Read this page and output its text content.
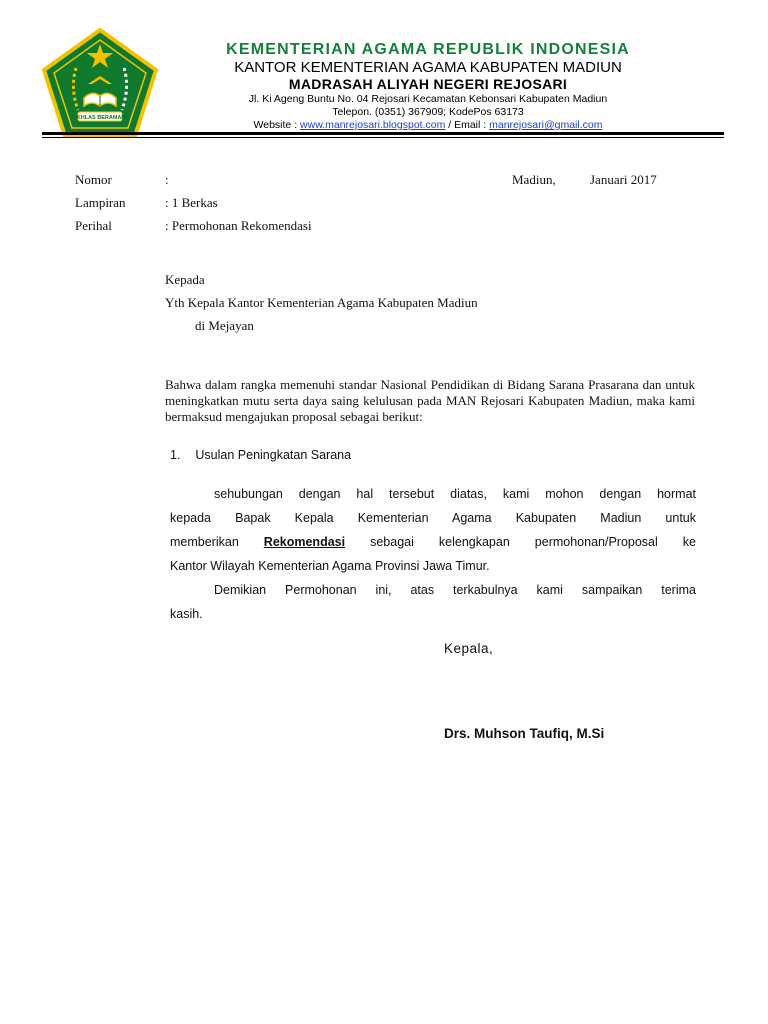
IKHLAS BERAMAL
KEMENTERIAN AGAMA REPUBLIK INDONESIA
KANTOR KEMENTERIAN AGAMA KABUPATEN MADIUN
MADRASAH ALIYAH NEGERI REJOSARI
Jl. Ki Ageng Buntu No. 04 Rejosari Kecamatan Kebonsari Kabupaten Madiun
Telepon. (0351) 367909; KodePos 63173
Website : www.manrejosari.blogspot.com / Email : manrejosari@gmail.com
Nomor	:	Madiun,	Januari 2017
Lampiran	: 1 Berkas
Perihal	: Permohonan Rekomendasi
Kepada
Yth Kepala Kantor Kementerian Agama Kabupaten Madiun
di Mejayan
Bahwa dalam rangka memenuhi standar Nasional Pendidikan di Bidang Sarana Prasarana dan untuk meningkatkan mutu serta daya saing kelulusan pada MAN Rejosari Kabupaten Madiun, maka kami bermaksud mengajukan proposal sebagai berikut:
1. Usulan Peningkatan Sarana
sehubungan dengan hal tersebut diatas, kami mohon dengan hormat
kepada Bapak Kepala Kementerian Agama Kabupaten Madiun untuk
memberikan Rekomendasi sebagai kelengkapan permohonan/Proposal ke
Kantor Wilayah Kementerian Agama Provinsi Jawa Timur.
Demikian Permohonan ini, atas terkabulnya kami sampaikan terima
kasih.
Kepala,
Drs. Muhson Taufiq, M.Si
